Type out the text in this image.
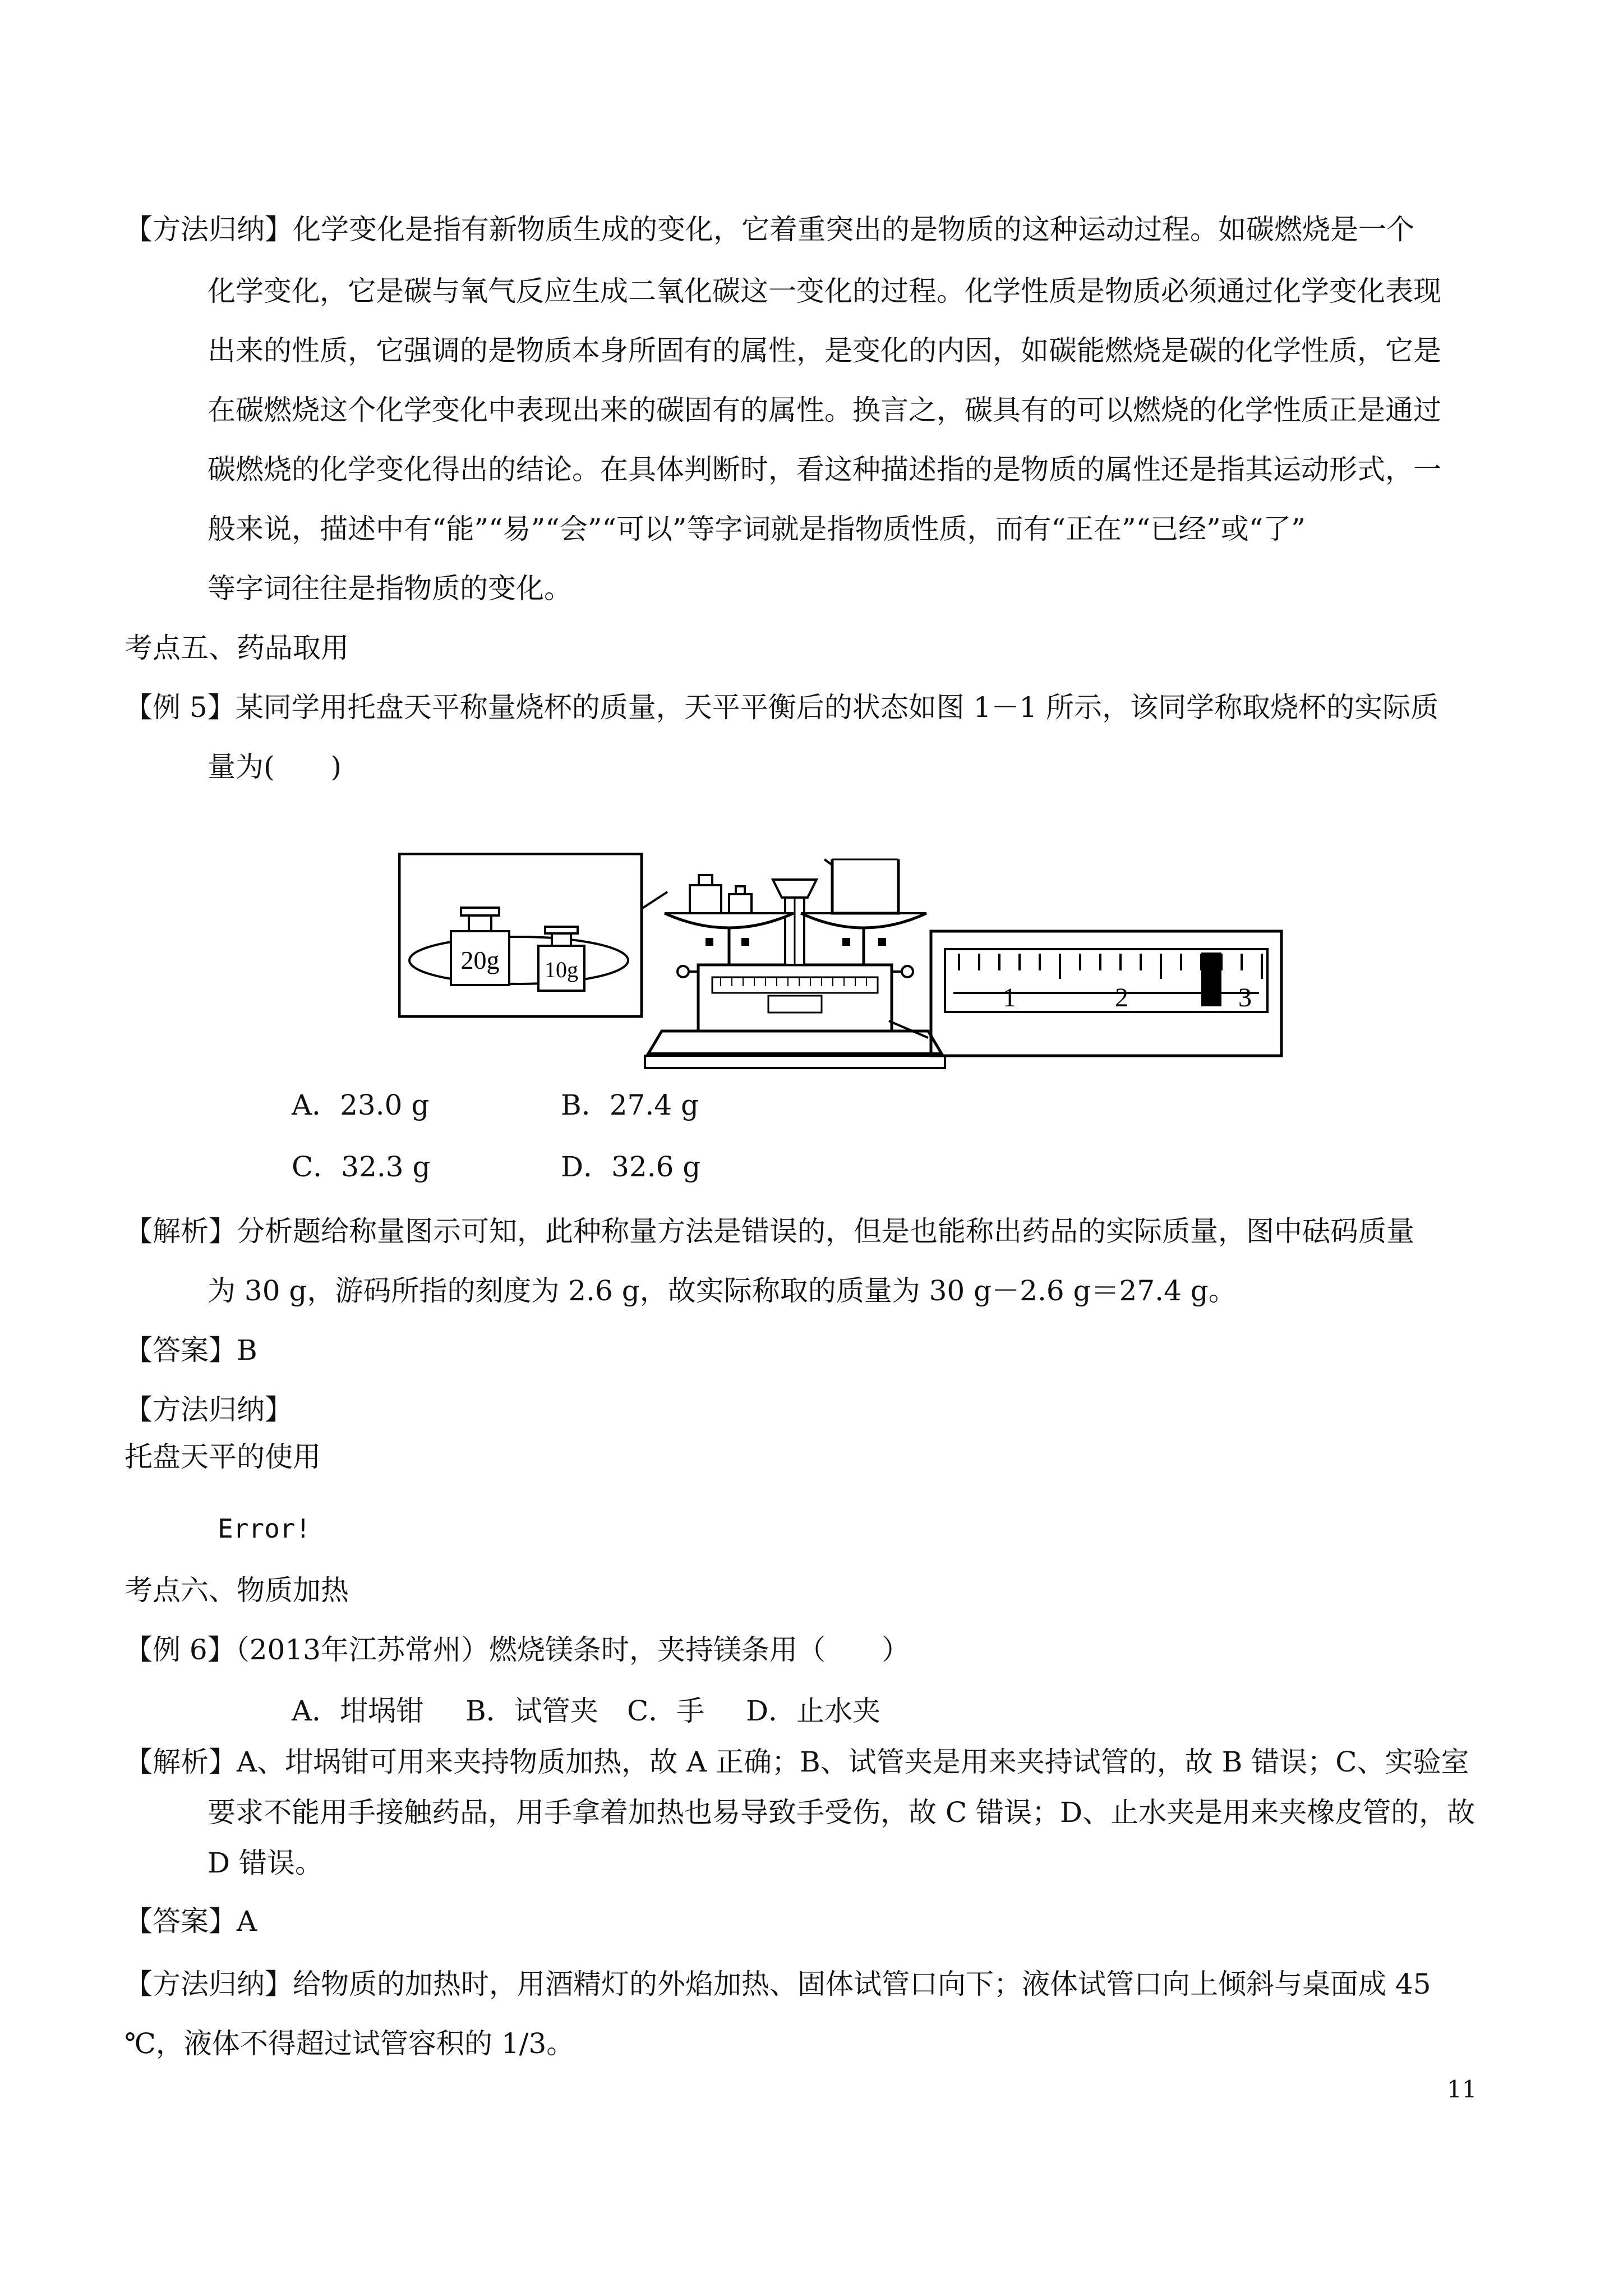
【方法归纳】化学变化是指有新物质生成的变化，它着重突出的是物质的这种运动过程。如碳燃烧是一个

化学变化，它是碳与氧气反应生成二氧化碳这一变化的过程。化学性质是物质必须通过化学变化表现

出来的性质，它强调的是物质本身所固有的属性，是变化的内因，如碳能燃烧是碳的化学性质，它是

在碳燃烧这个化学变化中表现出来的碳固有的属性。换言之，碳具有的可以燃烧的化学性质正是通过

碳燃烧的化学变化得出的结论。在具体判断时，看这种描述指的是物质的属性还是指其运动形式，一

般来说，描述中有“能”“易”“会”“可以”等字词就是指物质性质，而有“正在”“已经”或“了”

等字词往往是指物质的变化。

考点五、药品取用

【例 5】某同学用托盘天平称量烧杯的质量，天平平衡后的状态如图 1－1 所示，该同学称取烧杯的实际质

量为(　　)

20g 10g
1	2	3
A．23.0 g	B．27.4 g
C．32.3 g	D．32.6 g

【解析】分析题给称量图示可知，此种称量方法是错误的，但是也能称出药品的实际质量，图中砝码质量

为 30 g，游码所指的刻度为 2.6 g，故实际称取的质量为 30 g－2.6 g＝27.4 g。

【答案】B

【方法归纳】

托盘天平的使用

Error!

考点六、物质加热

【例 6】（2013年江苏常州）燃烧镁条时，夹持镁条用（　　）

A．坩埚钳 B．试管夹 C．手 D．止水夹

【解析】A、坩埚钳可用来夹持物质加热，故 A 正确；B、试管夹是用来夹持试管的，故 B 错误；C、实验室

要求不能用手接触药品，用手拿着加热也易导致手受伤，故 C 错误；D、止水夹是用来夹橡皮管的，故

D 错误。

【答案】A

【方法归纳】给物质的加热时，用酒精灯的外焰加热、固体试管口向下；液体试管口向上倾斜与桌面成 45

℃，液体不得超过试管容积的 1/3。

11
